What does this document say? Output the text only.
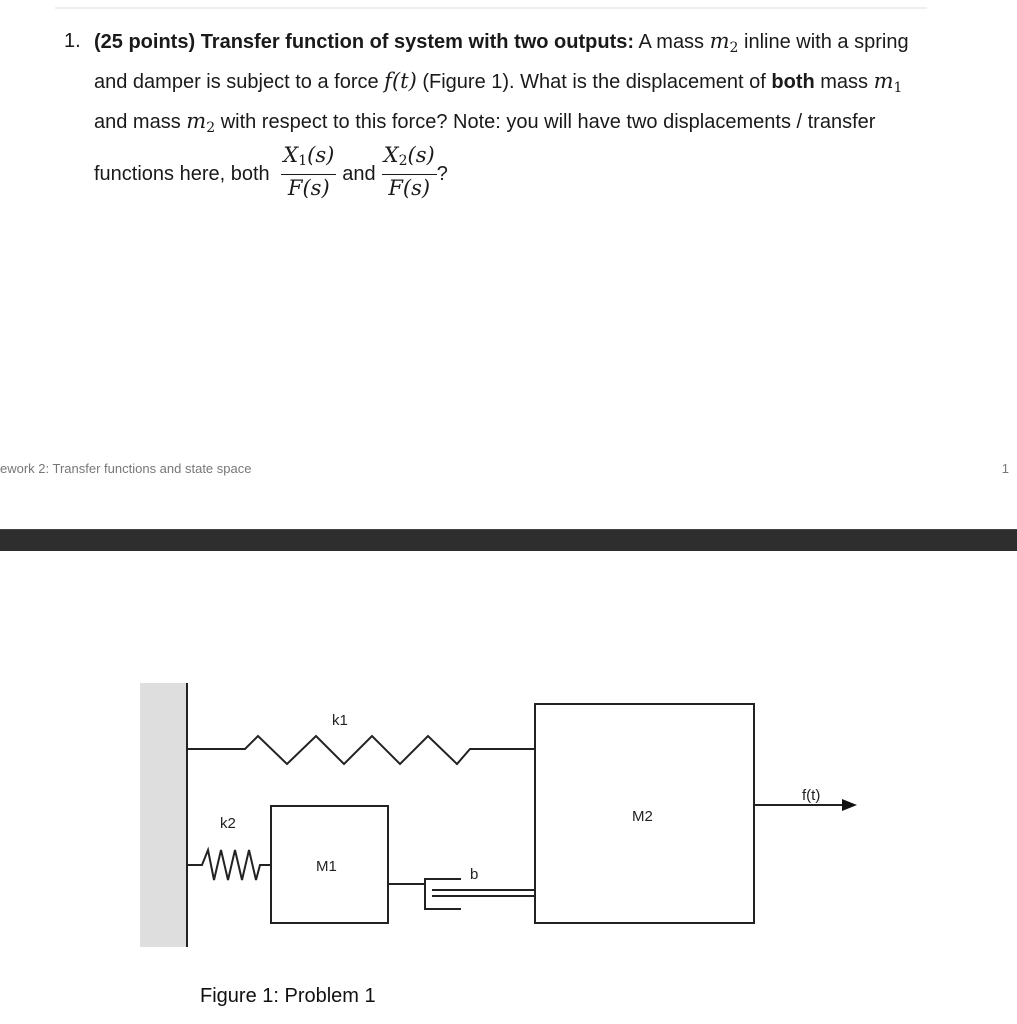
1. (25 points) Transfer function of system with two outputs: A mass $m_2$ inline with a spring and damper is subject to a force f(t) (Figure 1). What is the displacement of both mass $m_1$ and mass $m_2$ with respect to this force? Note: you will have two displacements / transfer functions here, both $\frac{X_1(s)}{F(s)}$ and $\frac{X_2(s)}{F(s)}$ ?
ework 2: Transfer functions and state space	1
k1
k2
M1	b
M2
f(t)
Figure 1: Problem 1
